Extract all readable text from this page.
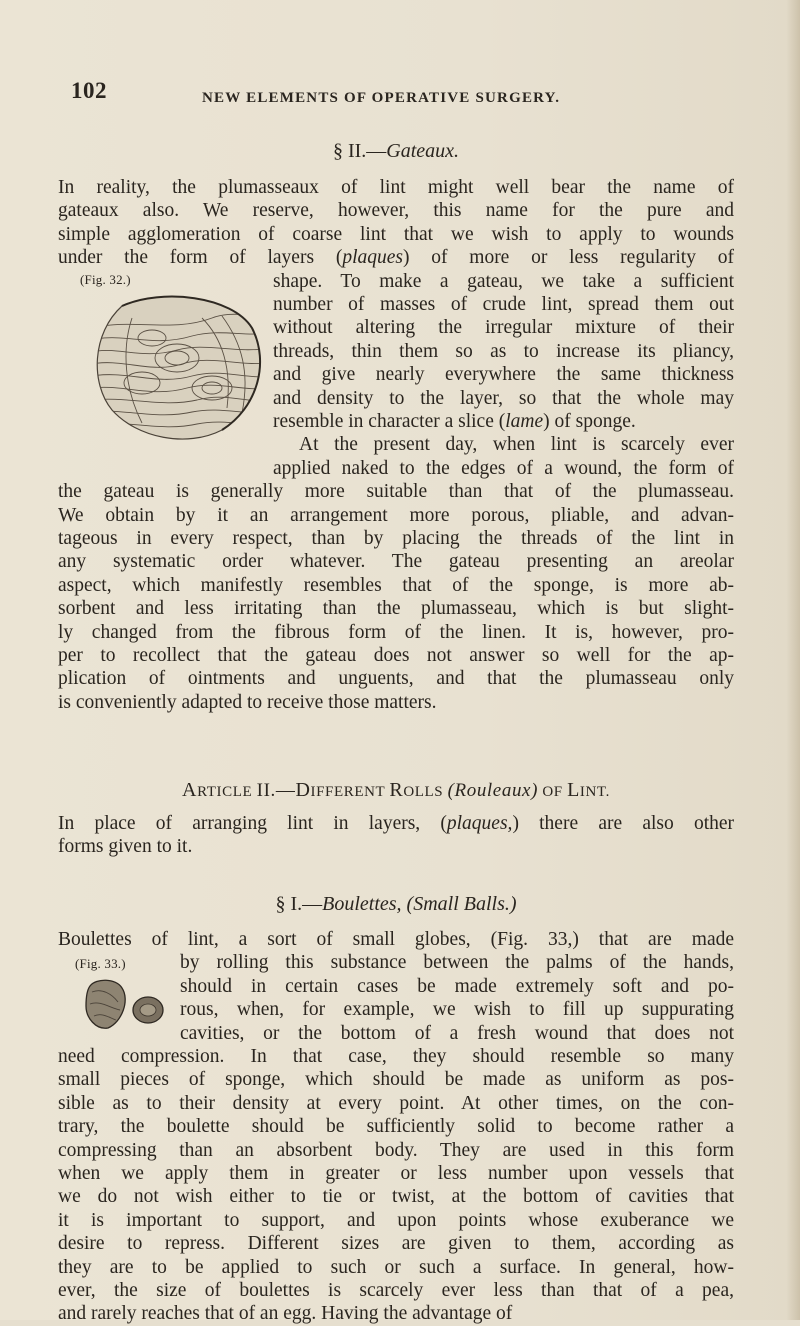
102	NEW ELEMENTS OF OPERATIVE SURGERY.
§ II.—Gateaux.
In reality, the plumasseaux of lint might well bear the name of
gateaux also. We reserve, however, this name for the pure and
simple agglomeration of coarse lint that we wish to apply to wounds
under the form of layers (plaques) of more or less regularity of
shape. To make a gateau, we take a sufficient
number of masses of crude lint, spread them out
without altering the irregular mixture of their
threads, thin them so as to increase its pliancy,
and give nearly everywhere the same thickness
and density to the layer, so that the whole may
resemble in character a slice (lame) of sponge.
At the present day, when lint is scarcely ever
applied naked to the edges of a wound, the form of
the gateau is generally more suitable than that of the plumasseau.
We obtain by it an arrangement more porous, pliable, and advan-
tageous in every respect, than by placing the threads of the lint in
any systematic order whatever. The gateau presenting an areolar
aspect, which manifestly resembles that of the sponge, is more ab-
sorbent and less irritating than the plumasseau, which is but slight-
ly changed from the fibrous form of the linen. It is, however, pro-
per to recollect that the gateau does not answer so well for the ap-
plication of ointments and unguents, and that the plumasseau only
is conveniently adapted to receive those matters.
ARTICLE II.—DIFFERENT ROLLS (Rouleaux) OF LINT.
In place of arranging lint in layers, (plaques,) there are also other
forms given to it.
§ I.—Boulettes, (Small Balls.)
Boulettes of lint, a sort of small globes, (Fig. 33,) that are made
by rolling this substance between the palms of the hands,
should in certain cases be made extremely soft and po-
rous, when, for example, we wish to fill up suppurating
cavities, or the bottom of a fresh wound that does not
need compression. In that case, they should resemble so many
small pieces of sponge, which should be made as uniform as pos-
sible as to their density at every point. At other times, on the con-
trary, the boulette should be sufficiently solid to become rather a
compressing than an absorbent body. They are used in this form
when we apply them in greater or less number upon vessels that
we do not wish either to tie or twist, at the bottom of cavities that
it is important to support, and upon points whose exuberance we
desire to repress. Different sizes are given to them, according as
they are to be applied to such or such a surface. In general, how-
ever, the size of boulettes is scarcely ever less than that of a pea,
and rarely reaches that of an egg. Having the advantage of
(Fig. 32.)
(Fig. 33.)
